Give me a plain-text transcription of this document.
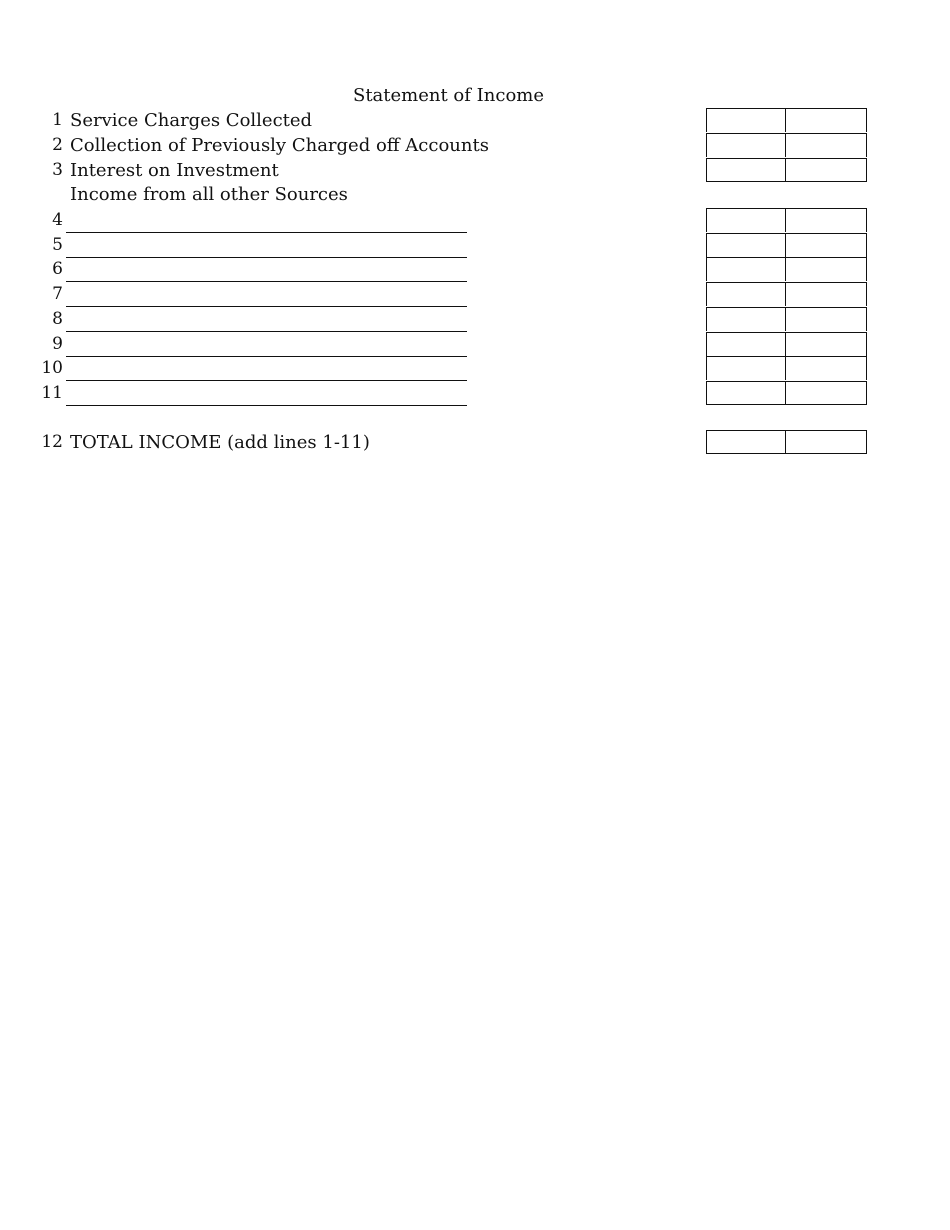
Statement of Income
1 Service Charges Collected
2 Collection of Previously Charged off Accounts
3 Interest on Investment
Income from all other Sources
4
5
6
7
8
9
10
11
12 TOTAL INCOME (add lines 1-11)
